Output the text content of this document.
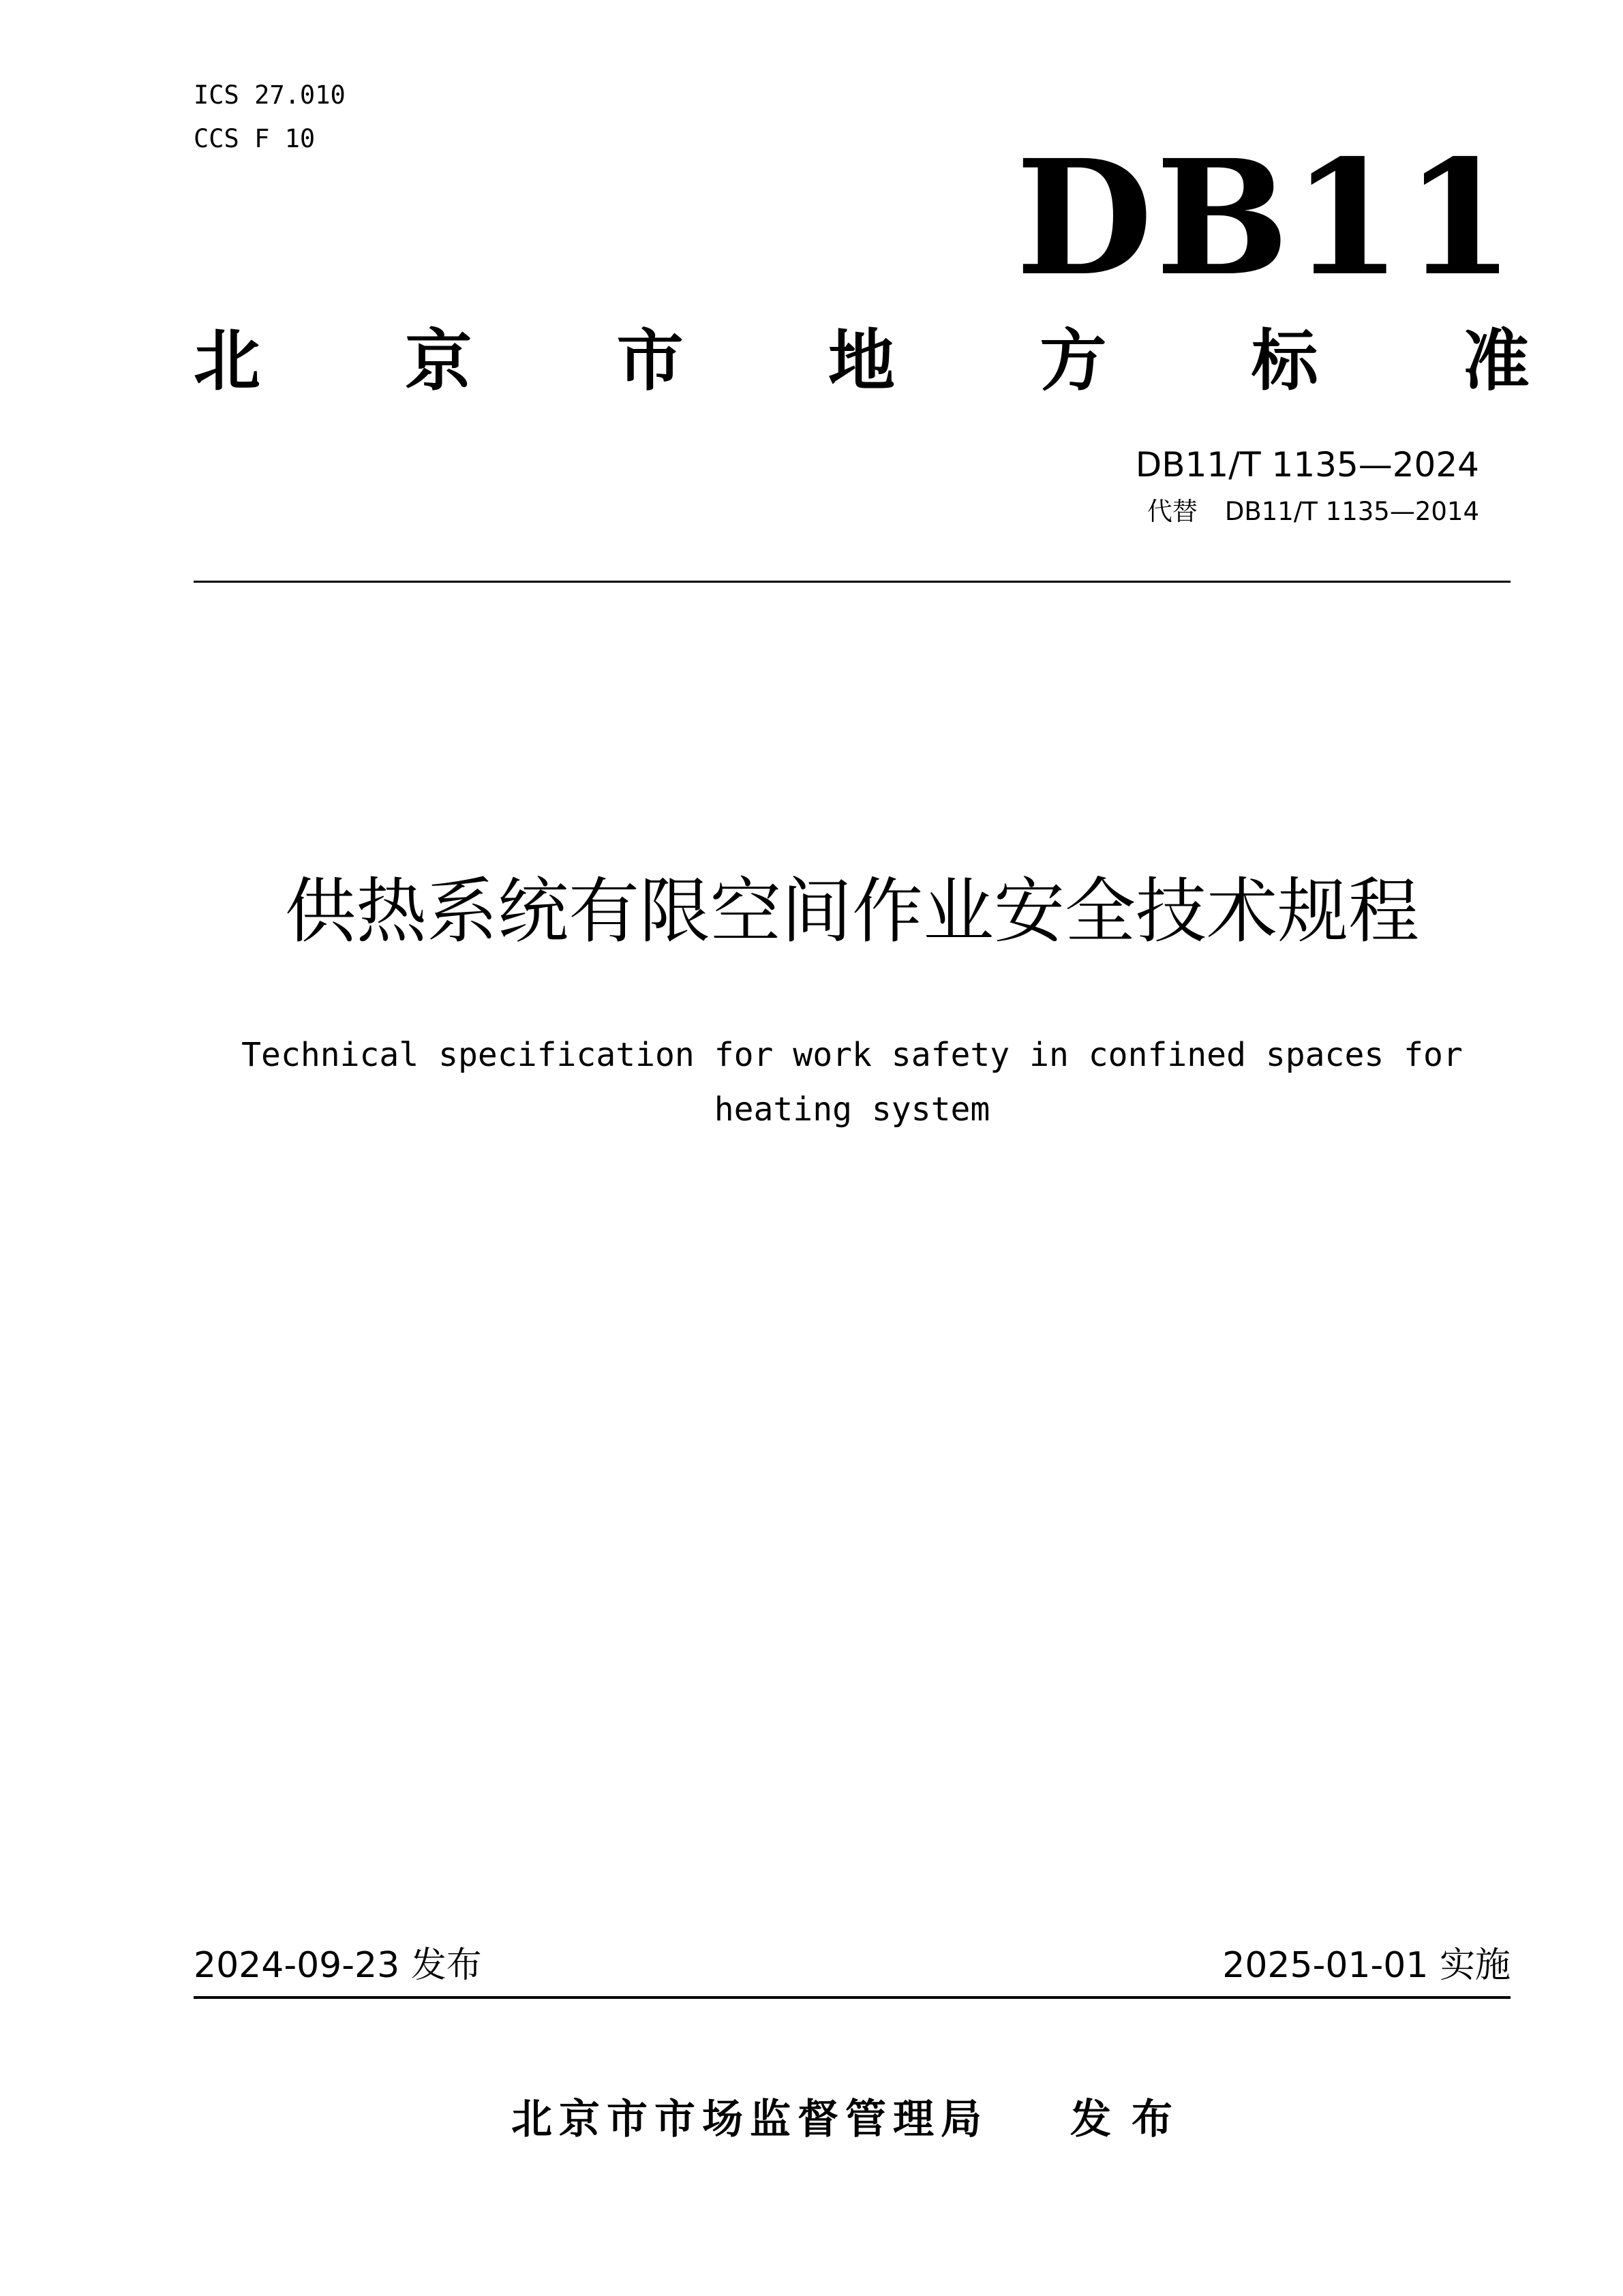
ICS 27.010

CCS F 10	DB11
北 京 市 地 方 标 准
DB11/T 1135—2024
代替 DB11/T 1135—2014
供热系统有限空间作业安全技术规程
Technical specification for work safety in confined spaces for
heating system
2024-09-23 发布	2025-01-01 实施
北京市市场监督管理局 发布
